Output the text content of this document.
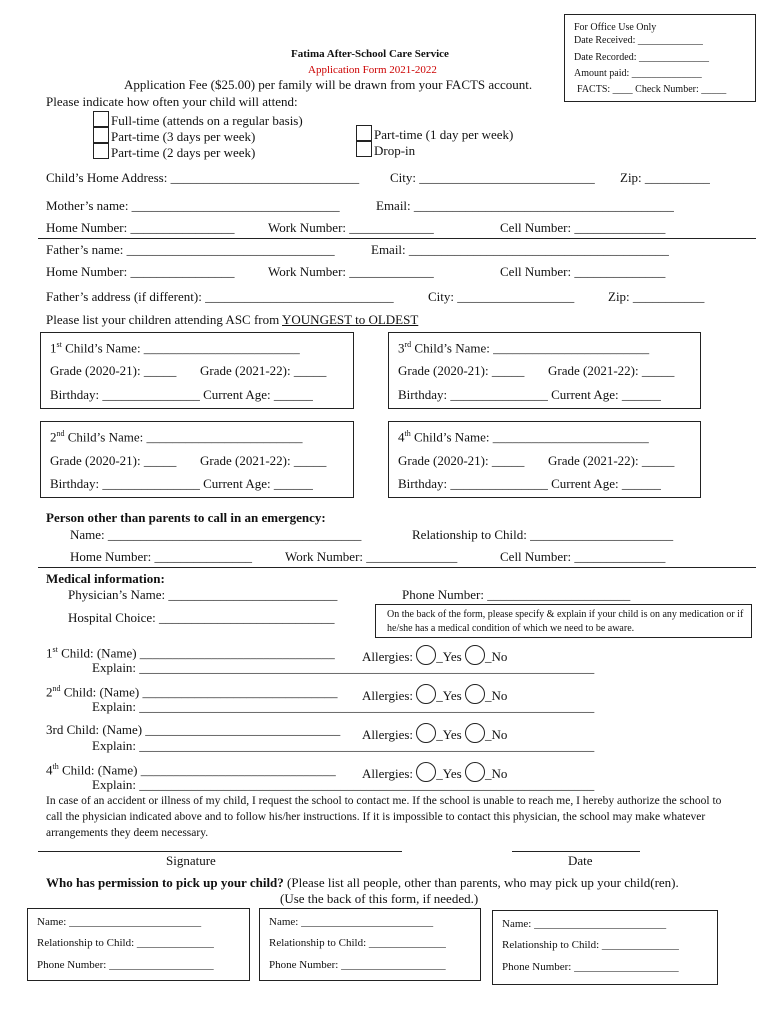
For Office Use Only
Date Received: _____________
Date Recorded: ______________
Amount paid: ______________
FACTS: ____ Check Number: _____
Fatima After-School Care Service
Application Form 2021-2022
Application Fee ($25.00) per family will be drawn from your FACTS account.
Please indicate how often your child will attend:
Full-time (attends on a regular basis)
Part-time (3 days per week)
Part-time (2 days per week)
Part-time (1 day per week)
Drop-in
Child’s Home Address: _____________________________ City: ___________________________ Zip: __________
Mother’s name: ________________________________	Email: ________________________________________
Home Number: ________________	Work Number: _____________	Cell Number: ______________
Father’s name: ________________________________	Email: ________________________________________
Home Number: ________________	Work Number: _____________	Cell Number: ______________
Father’s address (if different): _____________________________	City: __________________	Zip: ___________
Please list your children attending ASC from YOUNGEST to OLDEST
1st Child’s Name: ________________________
Grade (2020-21): _____ Grade (2021-22): _____
Birthday: _______________ Current Age: ______
3rd Child’s Name: ________________________
Grade (2020-21): _____ Grade (2021-22): _____
Birthday: _______________ Current Age: ______
2nd Child’s Name: ________________________
Grade (2020-21): _____ Grade (2021-22): _____
Birthday: _______________ Current Age: ______
4th Child’s Name: ________________________
Grade (2020-21): _____ Grade (2021-22): _____
Birthday: _______________ Current Age: ______
Person other than parents to call in an emergency:
Name: _______________________________________	Relationship to Child: ______________________
Home Number: _______________	Work Number: ______________	Cell Number: ______________
Medical information:
Physician’s Name: __________________________	Phone Number: ______________________
Hospital Choice: ___________________________	On the back of the form, please specify & explain if your child is on any medication or if he/she has a medical condition of which we need to be aware.
1st Child: (Name) ______________________________ Allergies: _Yes _No
Explain: ______________________________________________________________________
2nd Child: (Name) ______________________________ Allergies: _Yes _No
Explain: ______________________________________________________________________
3rd Child: (Name) ______________________________ Allergies: _Yes _No
Explain: ______________________________________________________________________
4th Child: (Name) ______________________________ Allergies: _Yes _No
Explain: ______________________________________________________________________
In case of an accident or illness of my child, I request the school to contact me. If the school is unable to reach me, I hereby authorize the school to call the physician indicated above and to follow his/her instructions. If it is impossible to contact this physician, the school may make whatever arrangements they deem necessary.
Signature	Date
Who has permission to pick up your child? (Please list all people, other than parents, who may pick up your child(ren).
(Use the back of this form, if needed.)
Name: ________________________
Relationship to Child: ______________
Phone Number: ___________________
Name: ________________________
Relationship to Child: ______________
Phone Number: ___________________
Name: ________________________
Relationship to Child: ______________
Phone Number: ___________________
